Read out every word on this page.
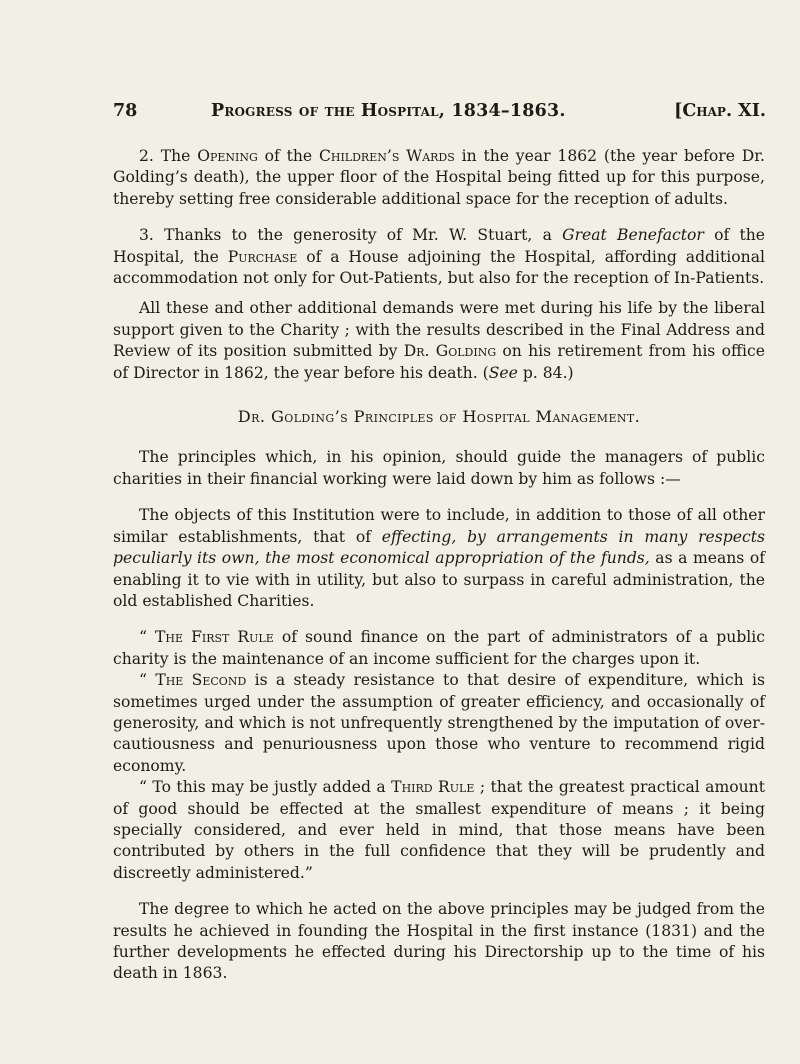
78	Progress of the Hospital, 1834–1863.	[Chap. XI.

2. The Opening of the Children’s Wards in the year 1862 (the year before Dr. Golding’s death), the upper floor of the Hospital being fitted up for this purpose, thereby setting free considerable additional space for the reception of adults.

3. Thanks to the generosity of Mr. W. Stuart, a Great Benefactor of the Hospital, the Purchase of a House adjoining the Hospital, affording additional accommodation not only for Out-Patients, but also for the reception of In-Patients.

All these and other additional demands were met during his life by the liberal support given to the Charity ; with the results described in the Final Address and Review of its position submitted by Dr. Golding on his retirement from his office of Director in 1862, the year before his death. (See p. 84.)

Dr. Golding’s Principles of Hospital Management.

The principles which, in his opinion, should guide the managers of public charities in their financial working were laid down by him as follows :—

The objects of this Institution were to include, in addition to those of all other similar establishments, that of effecting, by arrangements in many respects peculiarly its own, the most economical appropriation of the funds, as a means of enabling it to vie with in utility, but also to surpass in careful administration, the old established Charities.

“ The First Rule of sound finance on the part of administrators of a public charity is the maintenance of an income sufficient for the charges upon it.

“ The Second is a steady resistance to that desire of expenditure, which is sometimes urged under the assumption of greater efficiency, and occasionally of generosity, and which is not unfrequently strengthened by the imputation of over-cautiousness and penuriousness upon those who venture to recommend rigid economy.

“ To this may be justly added a Third Rule ; that the greatest practical amount of good should be effected at the smallest expenditure of means ; it being specially considered, and ever held in mind, that those means have been contributed by others in the full confidence that they will be prudently and discreetly administered.”

The degree to which he acted on the above principles may be judged from the results he achieved in founding the Hospital in the first instance (1831) and the further developments he effected during his Directorship up to the time of his death in 1863.
